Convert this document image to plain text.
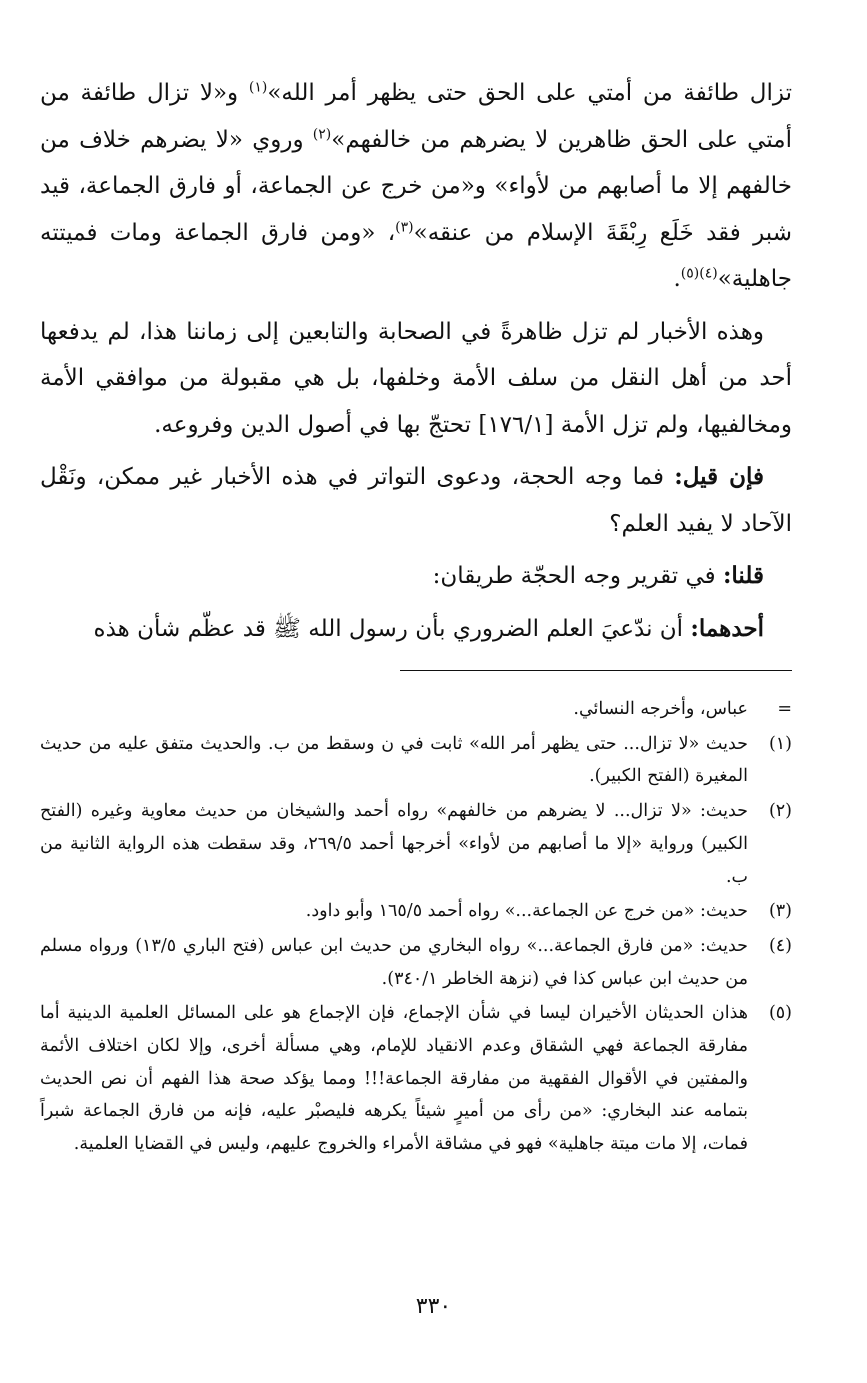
تزال طائفة من أمتي على الحق حتى يظهر أمر الله»$^{(١)}$ و«لا تزال طائفة من أمتي على الحق ظاهرين لا يضرهم من خالفهم»$^{(٢)}$ وروي «لا يضرهم خلاف من خالفهم إلا ما أصابهم من لأواء» و«من خرج عن الجماعة، أو فارق الجماعة، قيد شبر فقد خَلَع رِبْقَةَ الإسلام من عنقه»$^{(٣)}$، «ومن فارق الجماعة ومات فميتته جاهلية»$^{(٤)(٥)}$.

وهذه الأخبار لم تزل ظاهرةً في الصحابة والتابعين إلى زماننا هذا، لم يدفعها أحد من أهل النقل من سلف الأمة وخلفها، بل هي مقبولة من موافقي الأمة ومخالفيها، ولم تزل الأمة [١٧٦/١] تحتجّ بها في أصول الدين وفروعه.

فإن قيل: فما وجه الحجة، ودعوى التواتر في هذه الأخبار غير ممكن، ونَقْل الآحاد لا يفيد العلم؟

قلنا: في تقرير وجه الحجّة طريقان:

أحدهما: أن ندّعيَ العلم الضروري بأن رسول الله ﷺ قد عظّم شأن هذه

=
عباس، وأخرجه النسائي.
(١)
حديث «لا تزال... حتى يظهر أمر الله» ثابت في ن وسقط من ب. والحديث متفق عليه من حديث المغيرة (الفتح الكبير).
(٢)
حديث: «لا تزال... لا يضرهم من خالفهم» رواه أحمد والشيخان من حديث معاوية وغيره (الفتح الكبير) ورواية «إلا ما أصابهم من لأواء» أخرجها أحمد ٢٦٩/٥، وقد سقطت هذه الرواية الثانية من ب.
(٣)
حديث: «من خرج عن الجماعة...» رواه أحمد ١٦٥/٥ وأبو داود.
(٤)
حديث: «من فارق الجماعة...» رواه البخاري من حديث ابن عباس (فتح الباري ١٣/٥) ورواه مسلم من حديث ابن عباس كذا في (نزهة الخاطر ٣٤٠/١).
(٥)
هذان الحديثان الأخيران ليسا في شأن الإجماع، فإن الإجماع هو على المسائل العلمية الدينية أما مفارقة الجماعة فهي الشقاق وعدم الانقياد للإمام، وهي مسألة أخرى، وإلا لكان اختلاف الأئمة والمفتين في الأقوال الفقهية من مفارقة الجماعة!!! ومما يؤكد صحة هذا الفهم أن نص الحديث بتمامه عند البخاري: «من رأى من أميرٍ شيئاً يكرهه فليصبْر عليه، فإنه من فارق الجماعة شبراً فمات، إلا مات ميتة جاهلية» فهو في مشاقة الأمراء والخروج عليهم، وليس في القضايا العلمية.
٣٣٠
